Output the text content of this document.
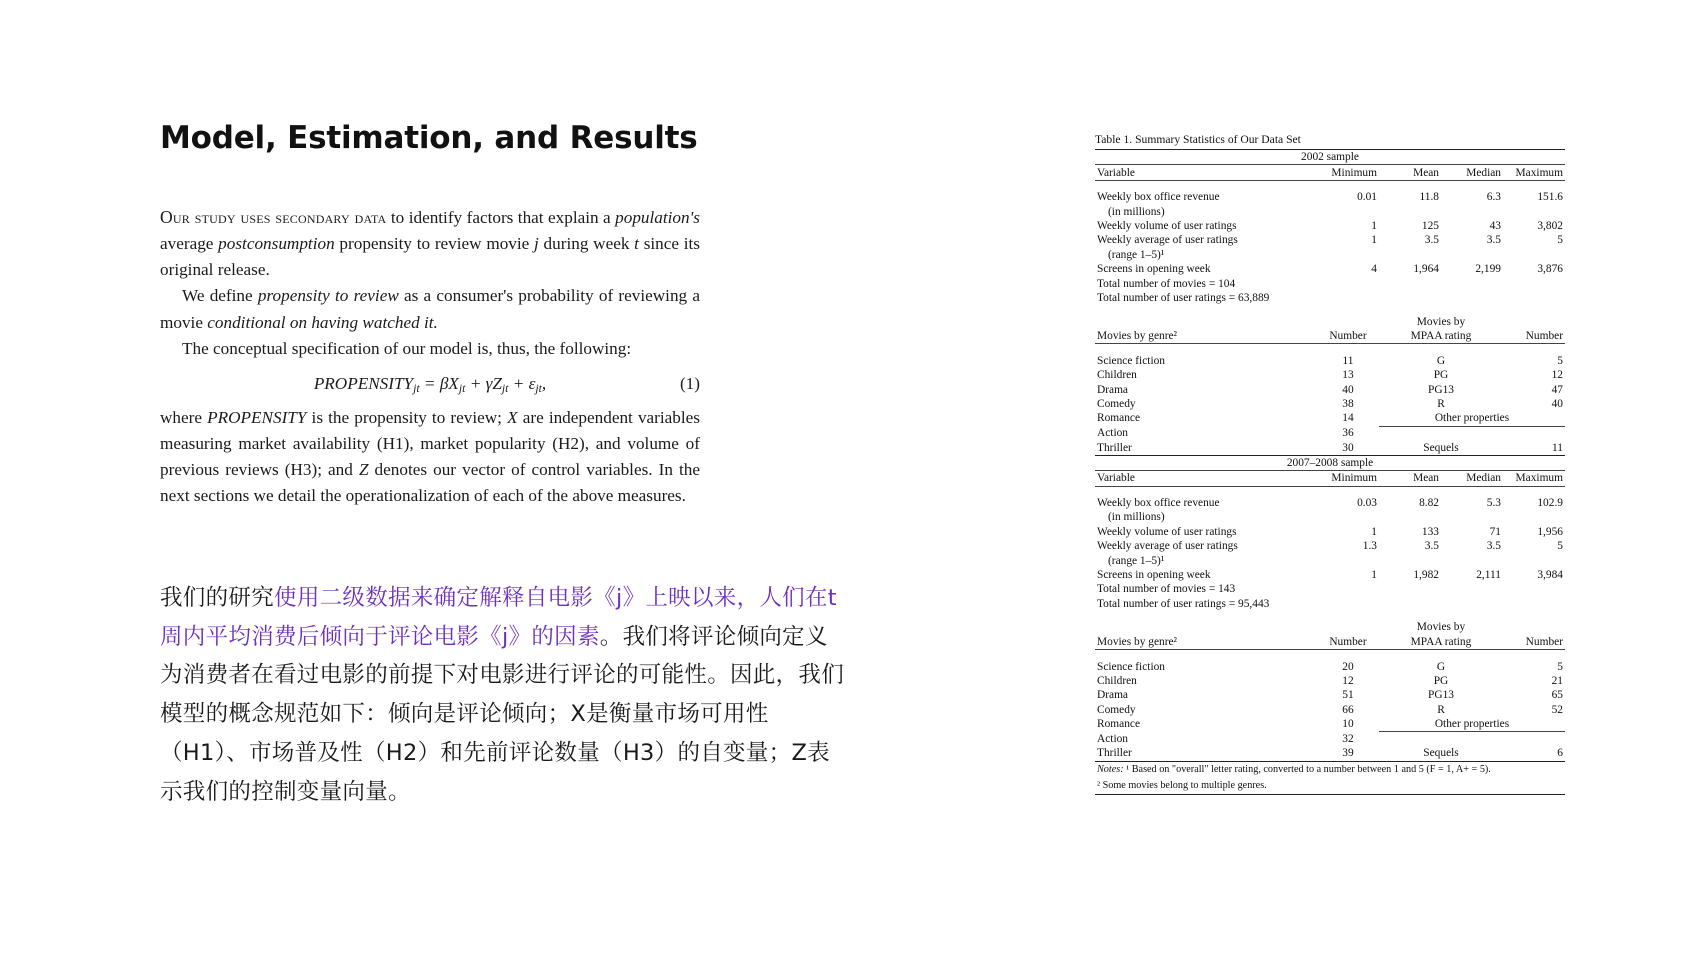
Model, Estimation, and Results

Our study uses secondary data to identify factors that explain a population's average postconsumption propensity to review movie j during week t since its original release.

We define propensity to review as a consumer's probability of reviewing a movie conditional on having watched it.

The conceptual specification of our model is, thus, the following:

$PROPENSITY_{jt} = \beta X_{jt} + \gamma Z_{jt} + \varepsilon_{jt}$,	(1)

where PROPENSITY is the propensity to review; X are independent variables measuring market availability (H1), market popularity (H2), and volume of previous reviews (H3); and Z denotes our vector of control variables. In the next sections we detail the operationalization of each of the above measures.

我们的研究使用二级数据来确定解释自电影《j》上映以来，人们在t周内平均消费后倾向于评论电影《j》的因素。我们将评论倾向定义为消费者在看过电影的前提下对电影进行评论的可能性。因此，我们模型的概念规范如下：倾向是评论倾向；X是衡量市场可用性（H1）、市场普及性（H2）和先前评论数量（H3）的自变量；Z表示我们的控制变量向量。
Table 1. Summary Statistics of Our Data Set
2002 sample				
Variable	Minimum	Mean	Median	Maximum

Weekly box office revenue	0.01	11.8	6.3	151.6
(in millions)				
Weekly volume of user ratings	1	125	43	3,802
Weekly average of user ratings	1	3.5	3.5	5
(range 1–5)¹				
Screens in opening week	4	1,964	2,199	3,876
Total number of movies = 104				
Total number of user ratings = 63,889				

		Movies by		
Movies by genre²	Number	MPAA rating		Number

Science fiction	11	G		5
Children	13	PG		12
Drama	40	PG13		47
Comedy	38	R		40
Romance	14	Other properties		
Action	36			
Thriller	30	Sequels		11
2007–2008 sample				
Variable	Minimum	Mean	Median	Maximum

Weekly box office revenue	0.03	8.82	5.3	102.9
(in millions)				
Weekly volume of user ratings	1	133	71	1,956
Weekly average of user ratings	1.3	3.5	3.5	5
(range 1–5)¹				
Screens in opening week	1	1,982	2,111	3,984
Total number of movies = 143				
Total number of user ratings = 95,443				

		Movies by		
Movies by genre²	Number	MPAA rating		Number

Science fiction	20	G		5
Children	12	PG		21
Drama	51	PG13		65
Comedy	66	R		52
Romance	10	Other properties		
Action	32			
Thriller	39	Sequels		6
Notes: ¹ Based on "overall" letter rating, converted to a number between 1 and 5 (F = 1, A+ = 5).				
² Some movies belong to multiple genres.				
